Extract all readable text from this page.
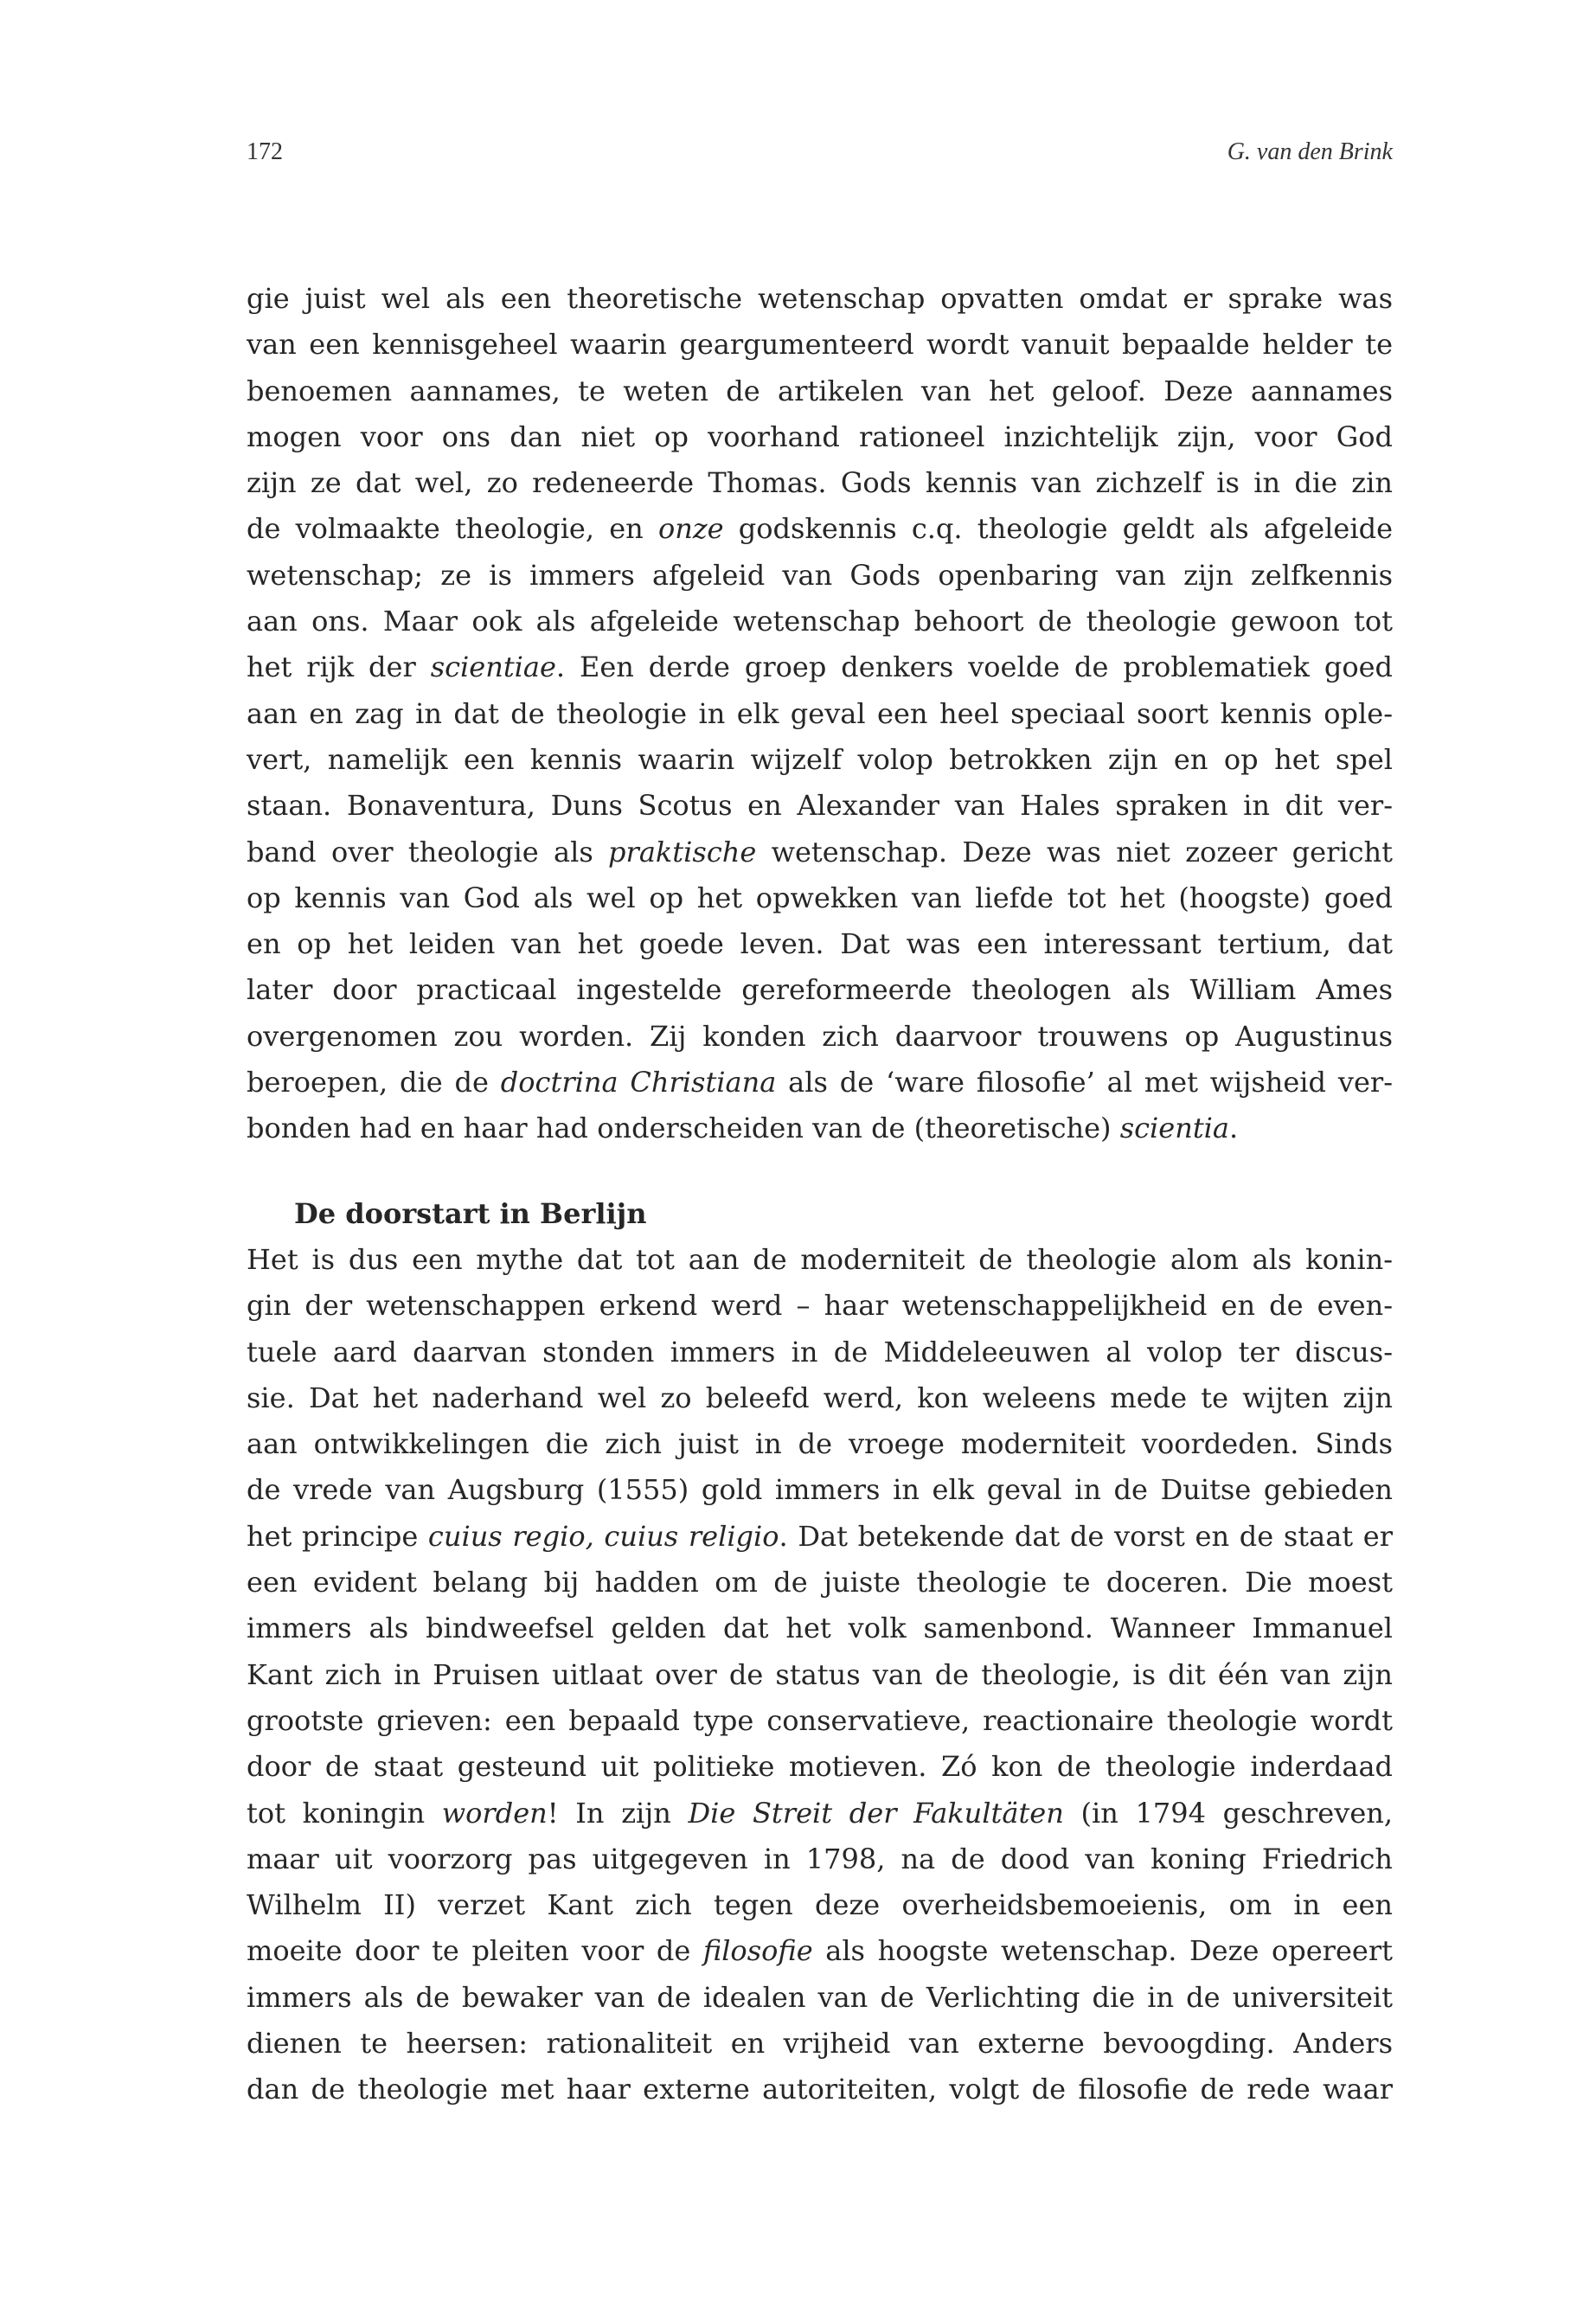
172	G. van den Brink
gie juist wel als een theoretische wetenschap opvatten omdat er sprake was
van een kennisgeheel waarin geargumenteerd wordt vanuit bepaalde helder te
benoemen aannames, te weten de artikelen van het geloof. Deze aannames
mogen voor ons dan niet op voorhand rationeel inzichtelijk zijn, voor God
zijn ze dat wel, zo redeneerde Thomas. Gods kennis van zichzelf is in die zin
de volmaakte theologie, en onze godskennis c.q. theologie geldt als afgeleide
wetenschap; ze is immers afgeleid van Gods openbaring van zijn zelfkennis
aan ons. Maar ook als afgeleide wetenschap behoort de theologie gewoon tot
het rijk der scientiae. Een derde groep denkers voelde de problematiek goed
aan en zag in dat de theologie in elk geval een heel speciaal soort kennis ople-
vert, namelijk een kennis waarin wijzelf volop betrokken zijn en op het spel
staan. Bonaventura, Duns Scotus en Alexander van Hales spraken in dit ver-
band over theologie als praktische wetenschap. Deze was niet zozeer gericht
op kennis van God als wel op het opwekken van liefde tot het (hoogste) goed
en op het leiden van het goede leven. Dat was een interessant tertium, dat
later door practicaal ingestelde gereformeerde theologen als William Ames
overgenomen zou worden. Zij konden zich daarvoor trouwens op Augustinus
beroepen, die de doctrina Christiana als de ‘ware filosofie’ al met wijsheid ver-
bonden had en haar had onderscheiden van de (theoretische) scientia.
De doorstart in Berlijn
Het is dus een mythe dat tot aan de moderniteit de theologie alom als konin-
gin der wetenschappen erkend werd – haar wetenschappelijkheid en de even-
tuele aard daarvan stonden immers in de Middeleeuwen al volop ter discus-
sie. Dat het naderhand wel zo beleefd werd, kon weleens mede te wijten zijn
aan ontwikkelingen die zich juist in de vroege moderniteit voordeden. Sinds
de vrede van Augsburg (1555) gold immers in elk geval in de Duitse gebieden
het principe cuius regio, cuius religio. Dat betekende dat de vorst en de staat er
een evident belang bij hadden om de juiste theologie te doceren. Die moest
immers als bindweefsel gelden dat het volk samenbond. Wanneer Immanuel
Kant zich in Pruisen uitlaat over de status van de theologie, is dit één van zijn
grootste grieven: een bepaald type conservatieve, reactionaire theologie wordt
door de staat gesteund uit politieke motieven. Zó kon de theologie inderdaad
tot koningin worden! In zijn Die Streit der Fakultäten (in 1794 geschreven,
maar uit voorzorg pas uitgegeven in 1798, na de dood van koning Friedrich
Wilhelm II) verzet Kant zich tegen deze overheidsbemoeienis, om in een
moeite door te pleiten voor de filosofie als hoogste wetenschap. Deze opereert
immers als de bewaker van de idealen van de Verlichting die in de universiteit
dienen te heersen: rationaliteit en vrijheid van externe bevoogding. Anders
dan de theologie met haar externe autoriteiten, volgt de filosofie de rede waar
